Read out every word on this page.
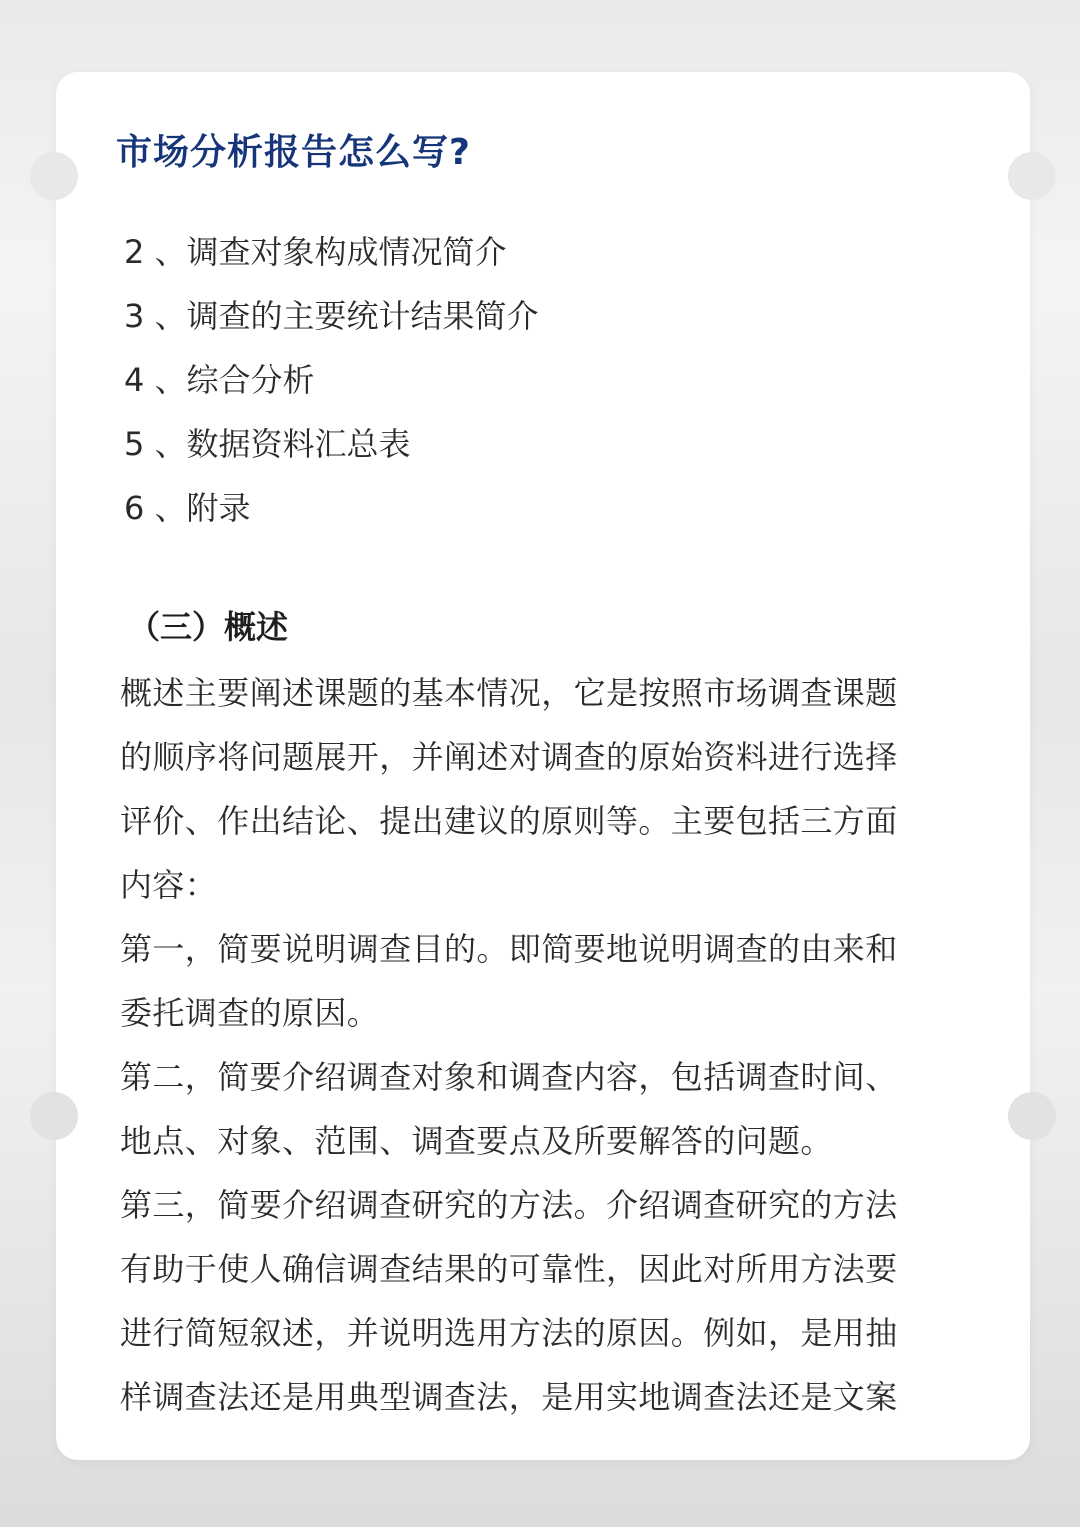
市场分析报告怎么写?
2 、调查对象构成情况简介
3 、调查的主要统计结果简介
4 、综合分析
5 、数据资料汇总表
6 、附录
（三）概述
概述主要阐述课题的基本情况，它是按照市场调查课题
的顺序将问题展开，并阐述对调查的原始资料进行选择
评价、作出结论、提出建议的原则等。主要包括三方面
内容：
第一，简要说明调查目的。即简要地说明调查的由来和
委托调查的原因。
第二，简要介绍调查对象和调查内容，包括调查时间、
地点、对象、范围、调查要点及所要解答的问题。
第三，简要介绍调查研究的方法。介绍调查研究的方法
有助于使人确信调查结果的可靠性，因此对所用方法要
进行简短叙述，并说明选用方法的原因。例如，是用抽
样调查法还是用典型调查法，是用实地调查法还是文案
